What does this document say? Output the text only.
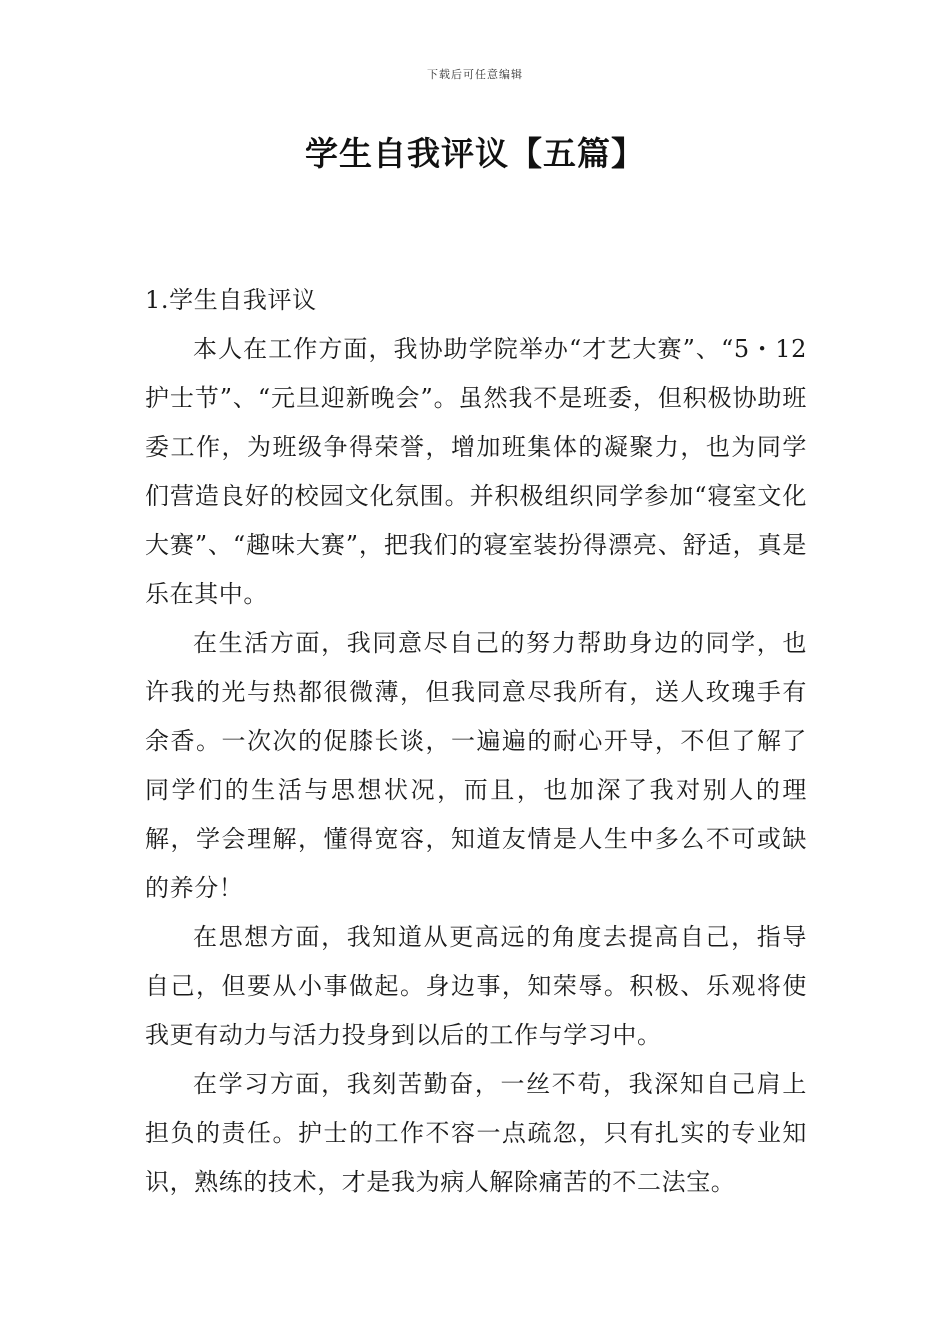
下载后可任意编辑
学生自我评议【五篇】

1.学生自我评议

本人在工作方面，我协助学院举办“才艺大赛”、“5・12护士节”、“元旦迎新晚会”。虽然我不是班委，但积极协助班委工作，为班级争得荣誉，增加班集体的凝聚力，也为同学们营造良好的校园文化氛围。并积极组织同学参加“寝室文化大赛”、“趣味大赛”，把我们的寝室装扮得漂亮、舒适，真是乐在其中。

在生活方面，我同意尽自己的努力帮助身边的同学，也许我的光与热都很微薄，但我同意尽我所有，送人玫瑰手有余香。一次次的促膝长谈，一遍遍的耐心开导，不但了解了同学们的生活与思想状况，而且，也加深了我对别人的理解，学会理解，懂得宽容，知道友情是人生中多么不可或缺的养分！

在思想方面，我知道从更高远的角度去提高自己，指导自己，但要从小事做起。身边事，知荣辱。积极、乐观将使我更有动力与活力投身到以后的工作与学习中。

在学习方面，我刻苦勤奋，一丝不苟，我深知自己肩上担负的责任。护士的工作不容一点疏忽，只有扎实的专业知识，熟练的技术，才是我为病人解除痛苦的不二法宝。
